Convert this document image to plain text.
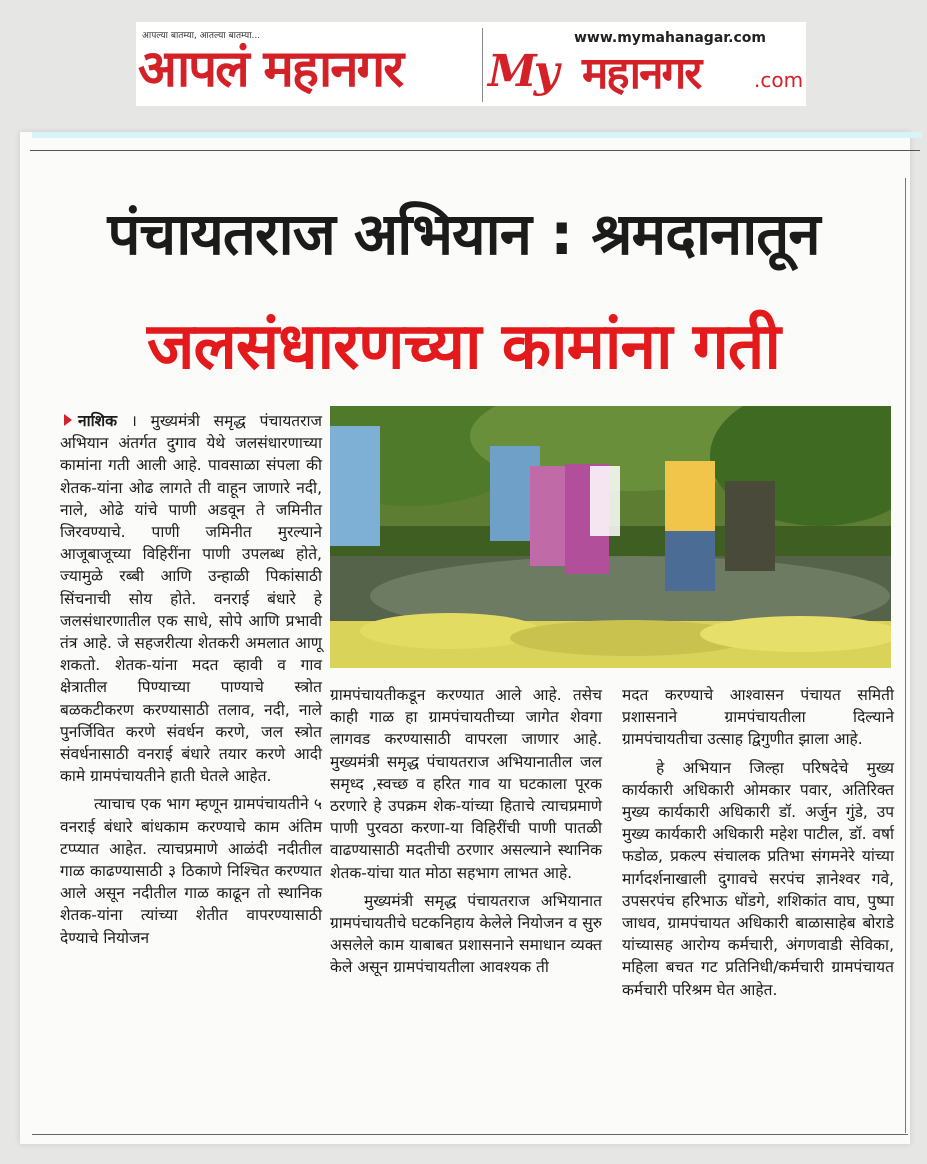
आपल्या बातम्या, आतल्या बातम्या...
आपलं महानगर
www.mymahanagar.com
My महानगर	.com
पंचायतराज अभियान : श्रमदानातून
जलसंधारणच्या कामांना गती

नाशिक । मुख्यमंत्री समृद्ध पंचायतराज अभियान अंतर्गत दुगाव येथे जलसंधारणाच्या कामांना गती आली आहे. पावसाळा संपला की शेतक-यांना ओढ लागते ती वाहून जाणारे नदी, नाले, ओढे यांचे पाणी अडवून ते जमिनीत जिरवण्याचे. पाणी जमिनीत मुरल्याने आजूबाजूच्या विहिरींना पाणी उपलब्ध होते, ज्यामुळे रब्बी आणि उन्हाळी पिकांसाठी सिंचनाची सोय होते. वनराई बंधारे हे जलसंधारणातील एक साधे, सोपे आणि प्रभावी तंत्र आहे. जे सहजरीत्या शेतकरी अमलात आणू शकतो. शेतक-यांना मदत व्हावी व गाव क्षेत्रातील पिण्याच्या पाण्याचे स्त्रोत बळकटीकरण करण्यासाठी तलाव, नदी, नाले पुनर्जिवित करणे संवर्धन करणे, जल स्त्रोत संवर्धनासाठी वनराई बंधारे तयार करणे आदी कामे ग्रामपंचायतीने हाती घेतले आहेत.

त्याचाच एक भाग म्हणून ग्रामपंचायतीने ५ वनराई बंधारे बांधकाम करण्याचे काम अंतिम टप्प्यात आहेत. त्याचप्रमाणे आळंदी नदीतील गाळ काढण्यासाठी ३ ठिकाणे निश्चित करण्यात आले असून नदीतील गाळ काढून तो स्थानिक शेतक-यांना त्यांच्या शेतीत वापरण्यासाठी देण्याचे नियोजन

ग्रामपंचायतीकडून करण्यात आले आहे. तसेच काही गाळ हा ग्रामपंचायतीच्या जागेत शेवगा लागवड करण्यासाठी वापरला जाणार आहे. मुख्यमंत्री समृद्ध पंचायतराज अभियानातील जल समृध्द ,स्वच्छ व हरित गाव या घटकाला पूरक ठरणारे हे उपक्रम शेक-यांच्या हिताचे त्याचप्रमाणे पाणी पुरवठा करणा-या विहिरींची पाणी पातळी वाढण्यासाठी मदतीची ठरणार असल्याने स्थानिक शेतक-यांचा यात मोठा सहभाग लाभत आहे.

मुख्यमंत्री समृद्ध पंचायतराज अभियानात ग्रामपंचायतीचे घटकनिहाय केलेले नियोजन व सुरु असलेले काम याबाबत प्रशासनाने समाधान व्यक्त केले असून ग्रामपंचायतीला आवश्यक ती

मदत करण्याचे आश्वासन पंचायत समिती प्रशासनाने ग्रामपंचायतीला दिल्याने ग्रामपंचायतीचा उत्साह द्विगुणीत झाला आहे.

हे अभियान जिल्हा परिषदेचे मुख्य कार्यकारी अधिकारी ओमकार पवार, अतिरिक्त मुख्य कार्यकारी अधिकारी डॉ. अर्जुन गुंडे, उप मुख्य कार्यकारी अधिकारी महेश पाटील, डॉ. वर्षा फडोळ, प्रकल्प संचालक प्रतिभा संगमनेरे यांच्या मार्गदर्शनाखाली दुगावचे सरपंच ज्ञानेश्वर गवे, उपसरपंच हरिभाऊ धोंडगे, शशिकांत वाघ, पुष्पा जाधव, ग्रामपंचायत अधिकारी बाळासाहेब बोराडे यांच्यासह आरोग्य कर्मचारी, अंगणवाडी सेविका, महिला बचत गट प्रतिनिधी/कर्मचारी ग्रामपंचायत कर्मचारी परिश्रम घेत आहेत.
